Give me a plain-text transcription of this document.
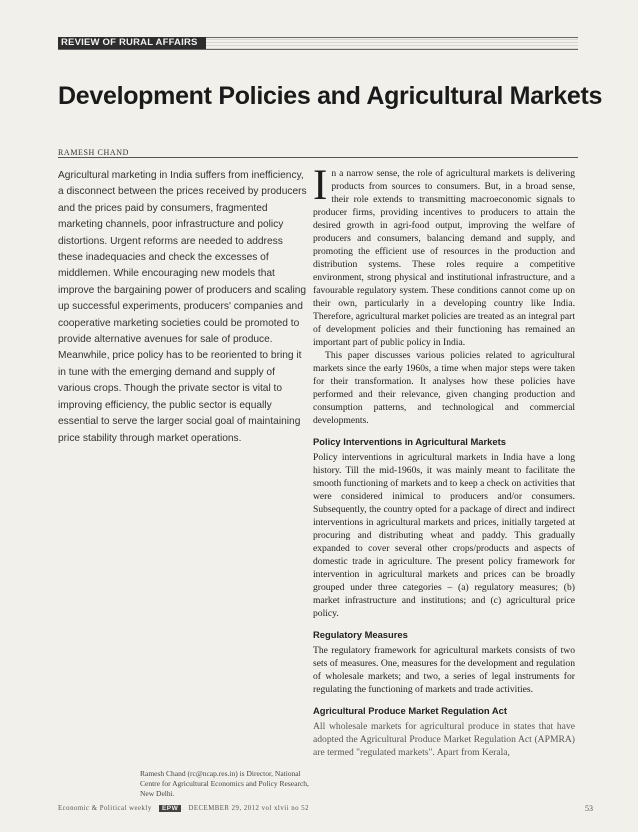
REVIEW OF RURAL AFFAIRS
Development Policies and Agricultural Markets
RAMESH CHAND
Agricultural marketing in India suffers from inefficiency, a disconnect between the prices received by producers and the prices paid by consumers, fragmented marketing channels, poor infrastructure and policy distortions. Urgent reforms are needed to address these inadequacies and check the excesses of middlemen. While encouraging new models that improve the bargaining power of producers and scaling up successful experiments, producers' companies and cooperative marketing societies could be promoted to provide alternative avenues for sale of produce. Meanwhile, price policy has to be reoriented to bring it in tune with the emerging demand and supply of various crops. Though the private sector is vital to improving efficiency, the public sector is equally essential to serve the larger social goal of maintaining price stability through market operations.

In a narrow sense, the role of agricultural markets is delivering products from sources to consumers. But, in a broad sense, their role extends to transmitting macroeconomic signals to producer firms, providing incentives to producers to attain the desired growth in agri-food output, improving the welfare of producers and consumers, balancing demand and supply, and promoting the efficient use of resources in the production and distribution systems. These roles require a competitive environment, strong physical and institutional infrastructure, and a favourable regulatory system. These conditions cannot come up on their own, particularly in a developing country like India. Therefore, agricultural market policies are treated as an integral part of development policies and their functioning has remained an important part of public policy in India.

This paper discusses various policies related to agricultural markets since the early 1960s, a time when major steps were taken for their transformation. It analyses how these policies have performed and their relevance, given changing production and consumption patterns, and technological and commercial developments.

Policy Interventions in Agricultural Markets

Policy interventions in agricultural markets in India have a long history. Till the mid-1960s, it was mainly meant to facilitate the smooth functioning of markets and to keep a check on activities that were considered inimical to producers and/or consumers. Subsequently, the country opted for a package of direct and indirect interventions in agricultural markets and prices, initially targeted at procuring and distributing wheat and paddy. This gradually expanded to cover several other crops/products and aspects of domestic trade in agriculture. The present policy framework for intervention in agricultural markets and prices can be broadly grouped under three categories – (a) regulatory measures; (b) market infrastructure and institutions; and (c) agricultural price policy.

Regulatory Measures

The regulatory framework for agricultural markets consists of two sets of measures. One, measures for the development and regulation of wholesale markets; and two, a series of legal instruments for regulating the functioning of markets and trade activities.

Agricultural Produce Market Regulation Act

All wholesale markets for agricultural produce in states that have adopted the Agricultural Produce Market Regulation Act (APMRA) are termed "regulated markets". Apart from Kerala,

Ramesh Chand (rc@ncap.res.in) is Director, National Centre for Agricultural Economics and Policy Research, New Delhi.
Economic & Political weekly EPW DECEMBER 29, 2012 vol xlvii no 52	53
